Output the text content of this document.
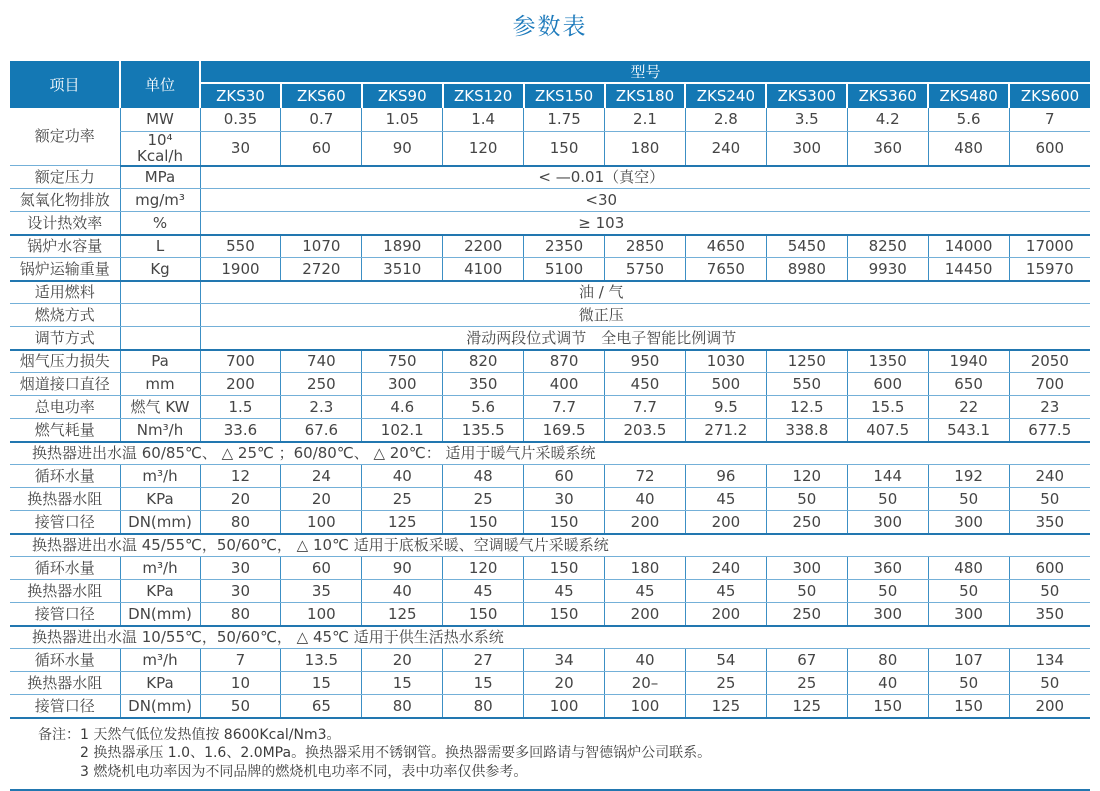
参数表
项目	单位	型号										
		ZKS30	ZKS60	ZKS90	ZKS120	ZKS150	ZKS180	ZKS240	ZKS300	ZKS360	ZKS480	ZKS600
额定功率	MW	0.35	0.7	1.05	1.4	1.75	2.1	2.8	3.5	4.2	5.6	7
	10⁴ Kcal/h	30	60	90	120	150	180	240	300	360	480	600
额定压力	MPa	< —0.01（真空）										
氮氧化物排放	mg/m³	<30										
设计热效率	%	≥ 103										
锅炉水容量	L	550	1070	1890	2200	2350	2850	4650	5450	8250	14000	17000
锅炉运输重量	Kg	1900	2720	3510	4100	5100	5750	7650	8980	9930	14450	15970
适用燃料		油 / 气										
燃烧方式		微正压										
调节方式		滑动两段位式调节　全电子智能比例调节										
烟气压力损失	Pa	700	740	750	820	870	950	1030	1250	1350	1940	2050
烟道接口直径	mm	200	250	300	350	400	450	500	550	600	650	700
总电功率	燃气 KW	1.5	2.3	4.6	5.6	7.7	7.7	9.5	12.5	15.5	22	23
燃气耗量	Nm³/h	33.6	67.6	102.1	135.5	169.5	203.5	271.2	338.8	407.5	543.1	677.5
换热器进出水温 60/85℃、 △ 25℃ ；60/80℃、 △ 20℃： 适用于暖气片采暖系统												
循环水量	m³/h	12	24	40	48	60	72	96	120	144	192	240
换热器水阻	KPa	20	20	25	25	30	40	45	50	50	50	50
接管口径	DN(mm)	80	100	125	150	150	200	200	250	300	300	350
换热器进出水温 45/55℃，50/60℃， △ 10℃ 适用于底板采暖、空调暖气片采暖系统												
循环水量	m³/h	30	60	90	120	150	180	240	300	360	480	600
换热器水阻	KPa	30	35	40	45	45	45	45	50	50	50	50
接管口径	DN(mm)	80	100	125	150	150	200	200	250	300	300	350
换热器进出水温 10/55℃，50/60℃， △ 45℃ 适用于供生活热水系统												
循环水量	m³/h	7	13.5	20	27	34	40	54	67	80	107	134
换热器水阻	KPa	10	15	15	15	20	20–	25	25	40	50	50
接管口径	DN(mm)	50	65	80	80	100	100	125	125	150	150	200
备注： 1 天然气低位发热值按 8600Kcal/Nm3。

2 换热器承压 1.0、1.6、2.0MPa。换热器采用不锈钢管。换热器需要多回路请与智德锅炉公司联系。

3 燃烧机电功率因为不同品牌的燃烧机电功率不同，表中功率仅供参考。
